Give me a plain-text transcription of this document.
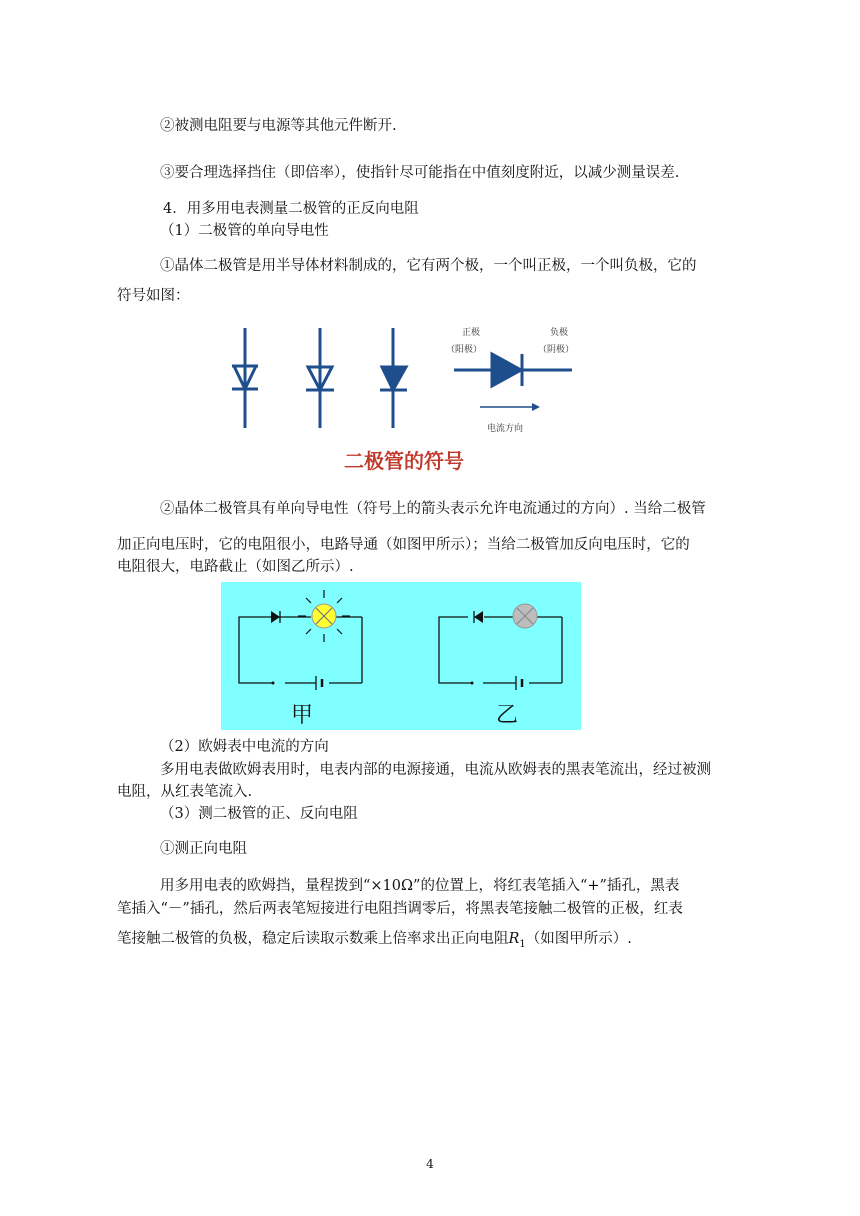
②被测电阻要与电源等其他元件断开.
③要合理选择挡住（即倍率），使指针尽可能指在中值刻度附近，以减少测量误差.
4．用多用电表测量二极管的正反向电阻
（1）二极管的单向导电性
①晶体二极管是用半导体材料制成的，它有两个极，一个叫正极，一个叫负极，它的
符号如图：
正极
（阳极）
负极
（阴极）
电流方向
二极管的符号
②晶体二极管具有单向导电性（符号上的箭头表示允许电流通过的方向）. 当给二极管
加正向电压时，它的电阻很小，电路导通（如图甲所示）；当给二极管加反向电压时，它的
电阻很大，电路截止（如图乙所示）.
甲	乙
（2）欧姆表中电流的方向
多用电表做欧姆表用时，电表内部的电源接通，电流从欧姆表的黑表笔流出，经过被测
电阻，从红表笔流入.
（3）测二极管的正、反向电阻
①测正向电阻
用多用电表的欧姆挡，量程拨到“×10Ω”的位置上，将红表笔插入“+”插孔，黑表
笔插入“－”插孔，然后两表笔短接进行电阻挡调零后，将黑表笔接触二极管的正极，红表
笔接触二极管的负极，稳定后读取示数乘上倍率求出正向电阻$R_1$（如图甲所示）.
4
